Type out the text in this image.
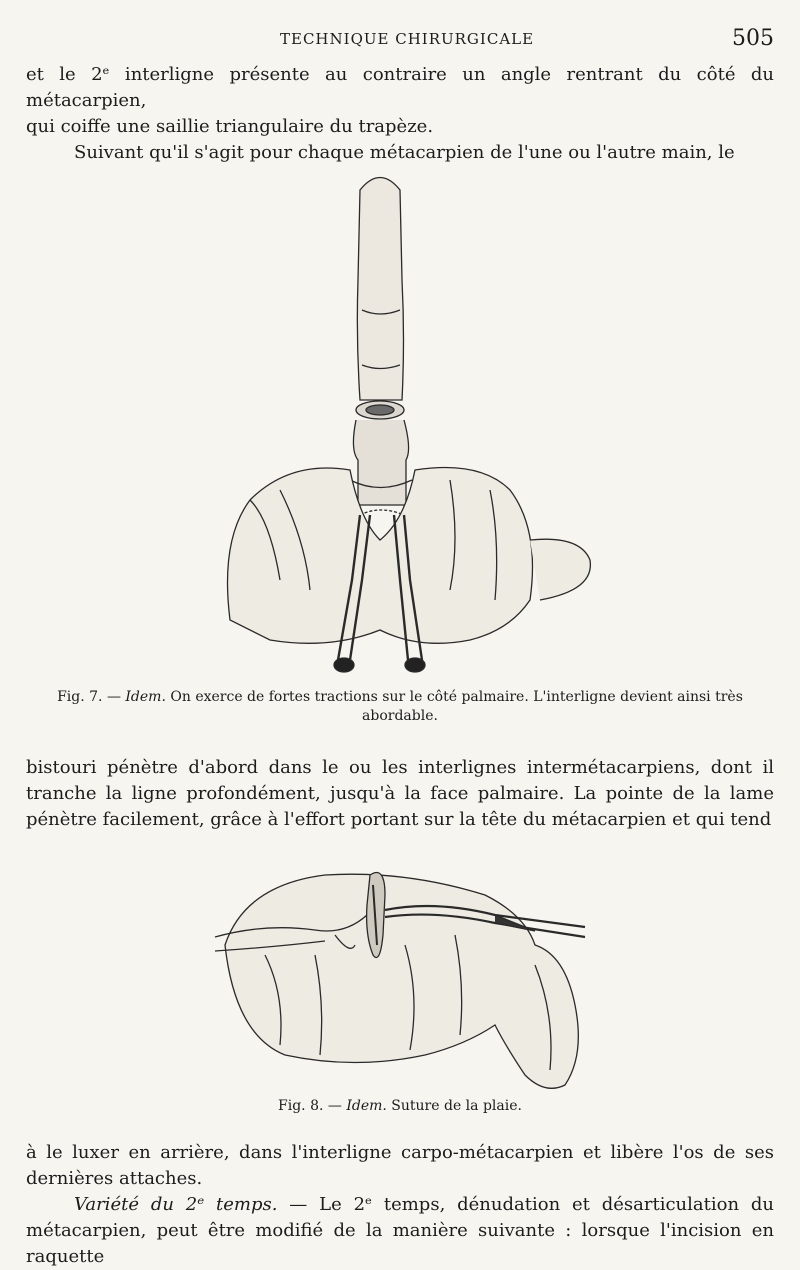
TECHNIQUE CHIRURGICALE	505

et le 2ᵉ interligne présente au contraire un angle rentrant du côté du métacarpien,

qui coiffe une saillie triangulaire du trapèze.

Suivant qu'il s'agit pour chaque métacarpien de l'une ou l'autre main, le

Fig. 7. — Idem. On exerce de fortes tractions sur le côté palmaire. L'interligne devient ainsi très abordable.

bistouri pénètre d'abord dans le ou les interlignes intermétacarpiens, dont il tranche la ligne profondément, jusqu'à la face palmaire. La pointe de la lame pénètre facilement, grâce à l'effort portant sur la tête du métacarpien et qui tend

Fig. 8. — Idem. Suture de la plaie.

à le luxer en arrière, dans l'interligne carpo-métacarpien et libère l'os de ses dernières attaches.

Variété du 2ᵉ temps. — Le 2ᵉ temps, dénudation et désarticulation du métacarpien, peut être modifié de la manière suivante : lorsque l'incision en raquette
